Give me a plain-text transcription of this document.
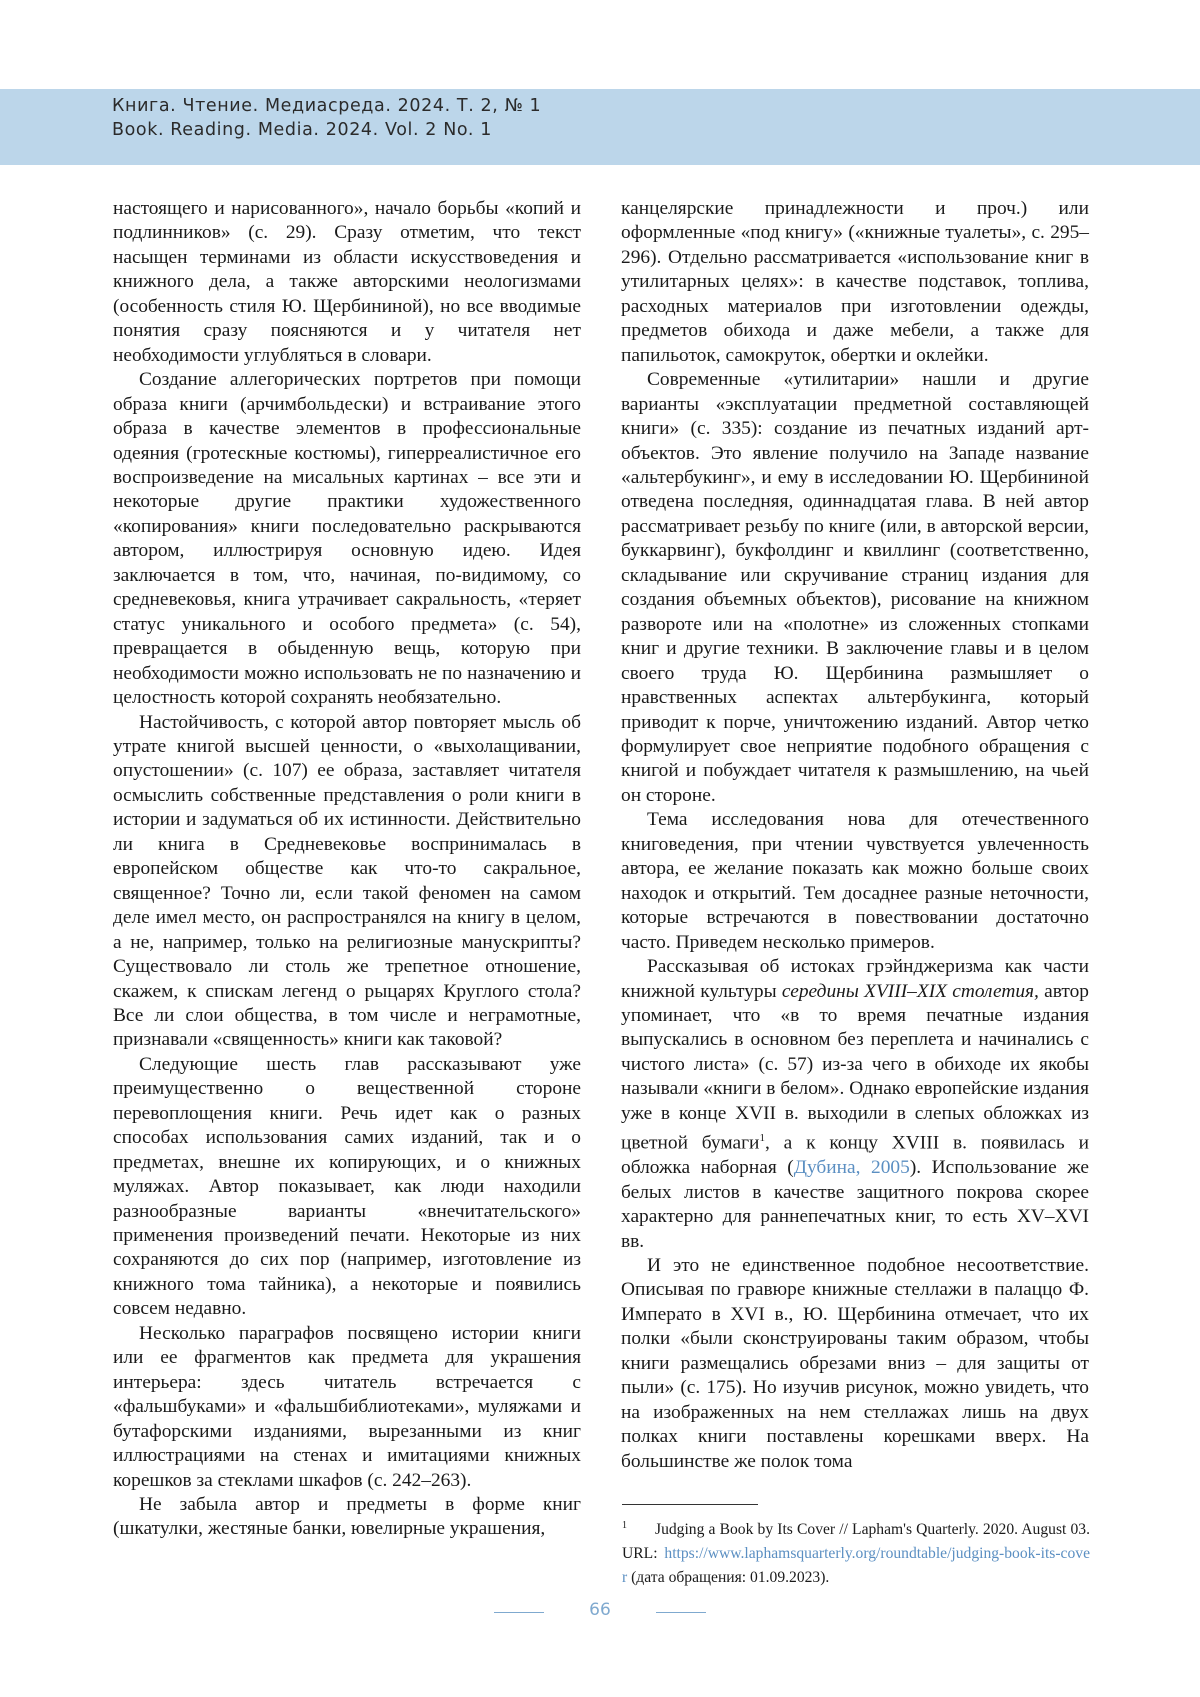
Книга. Чтение. Медиасреда. 2024. Т. 2, № 1
Book. Reading. Media. 2024. Vol. 2 No. 1

настоящего и нарисованного», начало борьбы «копий и подлинников» (с. 29). Сразу отметим, что текст насыщен терминами из области искусствоведения и книжного дела, а также авторскими неологизмами (особенность стиля Ю. Щербининой), но все вводимые понятия сразу поясняются и у читателя нет необходимости углубляться в словари.

Создание аллегорических портретов при помощи образа книги (арчимбольдески) и встраивание этого образа в качестве элементов в профессиональные одеяния (гротескные костюмы), гиперреалистичное его воспроизведение на мисальных картинах – все эти и некоторые другие практики художественного «копирования» книги последовательно раскрываются автором, иллюстрируя основную идею. Идея заключается в том, что, начиная, по-видимому, со средневековья, книга утрачивает сакральность, «теряет статус уникального и особого предмета» (с. 54), превращается в обыденную вещь, которую при необходимости можно использовать не по назначению и целостность которой сохранять необязательно.

Настойчивость, с которой автор повторяет мысль об утрате книгой высшей ценности, о «выхолащивании, опустошении» (с. 107) ее образа, заставляет читателя осмыслить собственные представления о роли книги в истории и задуматься об их истинности. Действительно ли книга в Средневековье воспринималась в европейском обществе как что-то сакральное, священное? Точно ли, если такой феномен на самом деле имел место, он распространялся на книгу в целом, а не, например, только на религиозные манускрипты? Существовало ли столь же трепетное отношение, скажем, к спискам легенд о рыцарях Круглого стола? Все ли слои общества, в том числе и неграмотные, признавали «священность» книги как таковой?

Следующие шесть глав рассказывают уже преимущественно о вещественной стороне перевоплощения книги. Речь идет как о разных способах использования самих изданий, так и о предметах, внешне их копирующих, и о книжных муляжах. Автор показывает, как люди находили разнообразные варианты «внечитательского» применения произведений печати. Некоторые из них сохраняются до сих пор (например, изготовление из книжного тома тайника), а некоторые и появились совсем недавно.

Несколько параграфов посвящено истории книги или ее фрагментов как предмета для украшения интерьера: здесь читатель встречается с «фальшбуками» и «фальшбиблиотеками», муляжами и бутафорскими изданиями, вырезанными из книг иллюстрациями на стенах и имитациями книжных корешков за стеклами шкафов (с. 242–263).

Не забыла автор и предметы в форме книг (шкатулки, жестяные банки, ювелирные украшения,

канцелярские принадлежности и проч.) или оформленные «под книгу» («книжные туалеты», с. 295–296). Отдельно рассматривается «использование книг в утилитарных целях»: в качестве подставок, топлива, расходных материалов при изготовлении одежды, предметов обихода и даже мебели, а также для папильоток, самокруток, обертки и оклейки.

Современные «утилитарии» нашли и другие варианты «эксплуатации предметной составляющей книги» (с. 335): создание из печатных изданий арт-объектов. Это явление получило на Западе название «альтербукинг», и ему в исследовании Ю. Щербининой отведена последняя, одиннадцатая глава. В ней автор рассматривает резьбу по книге (или, в авторской версии, буккарвинг), букфолдинг и квиллинг (соответственно, складывание или скручивание страниц издания для создания объемных объектов), рисование на книжном развороте или на «полотне» из сложенных стопками книг и другие техники. В заключение главы и в целом своего труда Ю. Щербинина размышляет о нравственных аспектах альтербукинга, который приводит к порче, уничтожению изданий. Автор четко формулирует свое неприятие подобного обращения с книгой и побуждает читателя к размышлению, на чьей он стороне.

Тема исследования нова для отечественного книговедения, при чтении чувствуется увлеченность автора, ее желание показать как можно больше своих находок и открытий. Тем досаднее разные неточности, которые встречаются в повествовании достаточно часто. Приведем несколько примеров.

Рассказывая об истоках грэйнджеризма как части книжной культуры середины XVIII–XIX столетия, автор упоминает, что «в то время печатные издания выпускались в основном без переплета и начинались с чистого листа» (с. 57) из-за чего в обиходе их якобы называли «книги в белом». Однако европейские издания уже в конце XVII в. выходили в слепых обложках из цветной бумаги$^1$, а к концу XVIII в. появилась и обложка наборная (Дубина, 2005). Использование же белых листов в качестве защитного покрова скорее характерно для раннепечатных книг, то есть XV–XVI вв.

И это не единственное подобное несоответствие. Описывая по гравюре книжные стеллажи в палаццо Ф. Императо в XVI в., Ю. Щербинина отмечает, что их полки «были сконструированы таким образом, чтобы книги размещались обрезами вниз – для защиты от пыли» (с. 175). Но изучив рисунок, можно увидеть, что на изображенных на нем стеллажах лишь на двух полках книги поставлены корешками вверх. На большинстве же полок тома

$^1$ Judging a Book by Its Cover // Lapham's Quarterly. 2020. August 03. URL: https://www.laphamsquarterly.org/roundtable/judging-book-its-cover (дата обращения: 01.09.2023).
66
